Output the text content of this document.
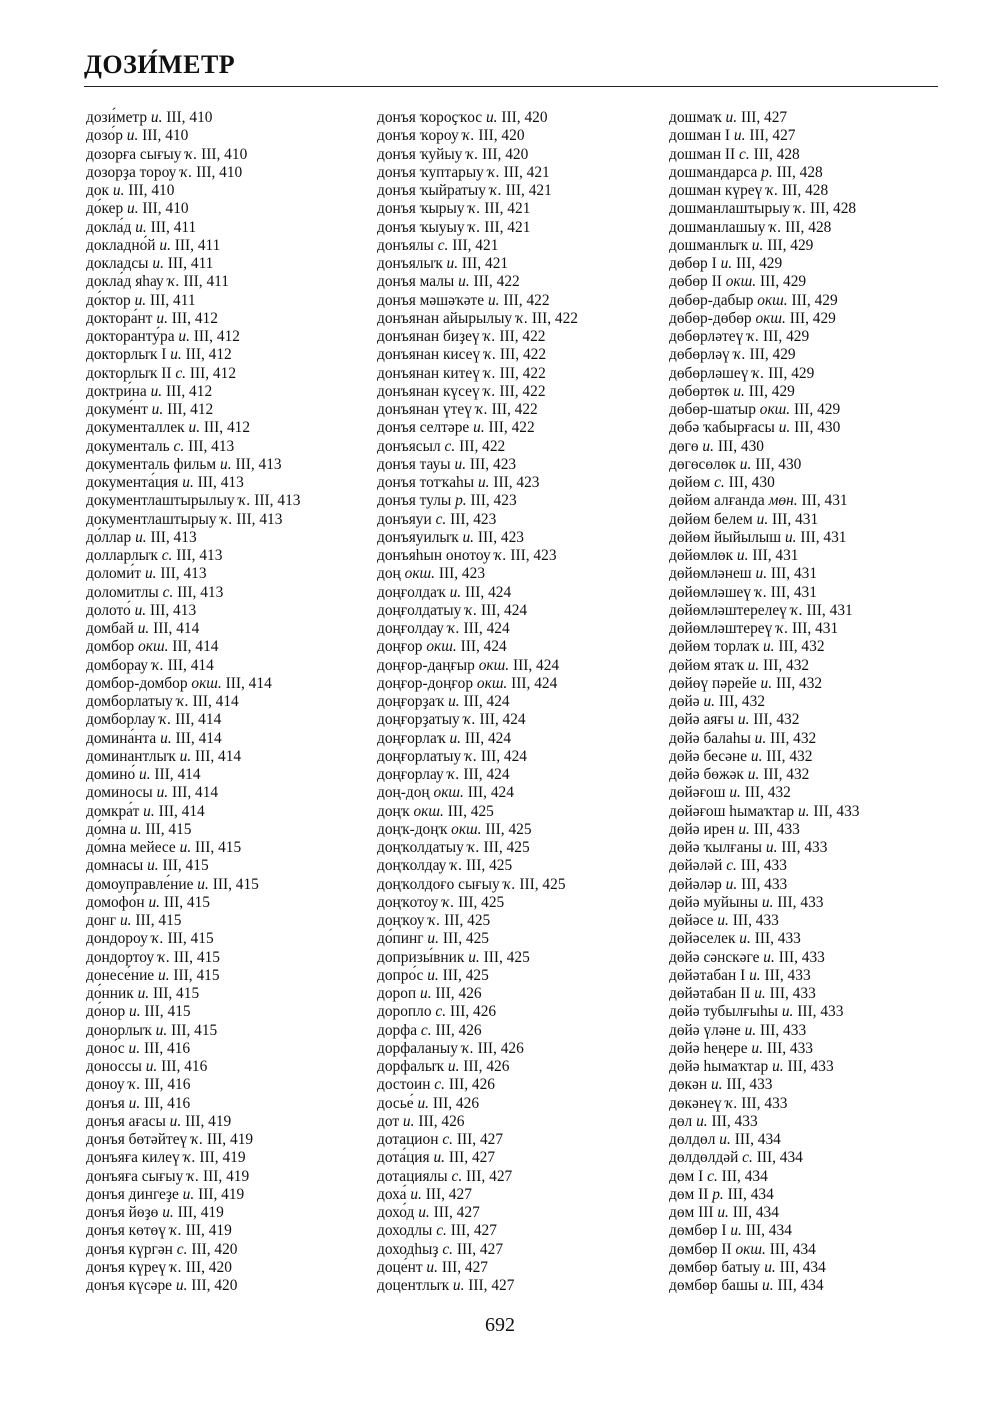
ДОЗИ́МЕТР
дози́метр и. III, 410
дозо́р и. III, 410
дозорға сығыу ҡ. III, 410
дозорҙа тороу ҡ. III, 410
док и. III, 410
до́кер и. III, 410
докла́д и. III, 411
докладно́й и. III, 411
докладсы и. III, 411
докла́д яһау ҡ. III, 411
до́ктор и. III, 411
доктора́нт и. III, 412
докторанту́ра и. III, 412
докторлыҡ I и. III, 412
докторлыҡ II с. III, 412
доктри́на и. III, 412
докуме́нт и. III, 412
документаллек и. III, 412
документаль с. III, 413
документаль фильм и. III, 413
документа́ция и. III, 413
документлаштырылыу ҡ. III, 413
документлаштырыу ҡ. III, 413
до́ллар и. III, 413
долларлыҡ с. III, 413
доломи́т и. III, 413
доломитлы с. III, 413
долото́ и. III, 413
домбай и. III, 414
домбор окш. III, 414
домборау ҡ. III, 414
домбор-домбор окш. III, 414
домборлатыу ҡ. III, 414
домборлау ҡ. III, 414
домина́нта и. III, 414
доминантлыҡ и. III, 414
домино́ и. III, 414
доминосы и. III, 414
домкра́т и. III, 414
до́мна и. III, 415
до́мна мейесе и. III, 415
домнасы и. III, 415
домоуправле́ние и. III, 415
домофо́н и. III, 415
донг и. III, 415
дондороу ҡ. III, 415
дондортоу ҡ. III, 415
донесе́ние и. III, 415
до́нник и. III, 415
до́нор и. III, 415
донорлыҡ и. III, 415
доно́с и. III, 416
доноссы и. III, 416
доноу ҡ. III, 416
донъя и. III, 416
донъя ағасы и. III, 419
донъя бөтәйтеү ҡ. III, 419
донъяға килеү ҡ. III, 419
донъяға сығыу ҡ. III, 419
донъя дингеҙе и. III, 419
донъя йөҙө и. III, 419
донъя көтөү ҡ. III, 419
донъя күргән с. III, 420
донъя күреү ҡ. III, 420
донъя күсәре и. III, 420
донъя ҡороҫҡос и. III, 420
донъя ҡороу ҡ. III, 420
донъя ҡуйыу ҡ. III, 420
донъя ҡуптарыу ҡ. III, 421
донъя ҡыйратыу ҡ. III, 421
донъя ҡырыу ҡ. III, 421
донъя ҡыуыу ҡ. III, 421
донъялы с. III, 421
донъялыҡ и. III, 421
донъя малы и. III, 422
донъя мәшәҡәте и. III, 422
донъянан айырылыу ҡ. III, 422
донъянан биҙеү ҡ. III, 422
донъянан кисеү ҡ. III, 422
донъянан китеү ҡ. III, 422
донъянан күсеү ҡ. III, 422
донъянан үтеү ҡ. III, 422
донъя селтәре и. III, 422
донъясыл с. III, 422
донъя тауы и. III, 423
донъя тотҡаһы и. III, 423
донъя тулы р. III, 423
донъяуи с. III, 423
донъяуилыҡ и. III, 423
донъяһын онотоу ҡ. III, 423
доң окш. III, 423
доңғолдаҡ и. III, 424
доңғолдатыу ҡ. III, 424
доңғолдау ҡ. III, 424
доңғор окш. III, 424
доңғор-даңғыр окш. III, 424
доңғор-доңғор окш. III, 424
доңғорҙаҡ и. III, 424
доңғорҙатыу ҡ. III, 424
доңғорлаҡ и. III, 424
доңғорлатыу ҡ. III, 424
доңғорлау ҡ. III, 424
доң-доң окш. III, 424
доңҡ окш. III, 425
доңҡ-доңҡ окш. III, 425
доңҡолдатыу ҡ. III, 425
доңҡолдау ҡ. III, 425
доңҡолдоғо сығыу ҡ. III, 425
доңҡотоу ҡ. III, 425
доңҡоу ҡ. III, 425
до́пинг и. III, 425
допризы́вник и. III, 425
допро́с и. III, 425
дороп и. III, 426
доропло с. III, 426
дорфа с. III, 426
дорфаланыу ҡ. III, 426
дорфалыҡ и. III, 426
достоин с. III, 426
досье́ и. III, 426
дот и. III, 426
дотацион с. III, 427
дота́ция и. III, 427
дотациялы с. III, 427
доха́ и. III, 427
дохо́д и. III, 427
доходлы с. III, 427
доходһыҙ с. III, 427
доце́нт и. III, 427
доцентлыҡ и. III, 427
дошмаҡ и. III, 427
дошман I и. III, 427
дошман II с. III, 428
дошмандарса р. III, 428
дошман күреү ҡ. III, 428
дошманлаштырыу ҡ. III, 428
дошманлашыу ҡ. III, 428
дошманлыҡ и. III, 429
дөбөр I и. III, 429
дөбөр II окш. III, 429
дөбөр-дабыр окш. III, 429
дөбөр-дөбөр окш. III, 429
дөбөрләтеү ҡ. III, 429
дөбөрләү ҡ. III, 429
дөбөрләшеү ҡ. III, 429
дөбөртөк и. III, 429
дөбөр-шатыр окш. III, 429
дөбә ҡабырғасы и. III, 430
дөгө и. III, 430
дөгөсөлөк и. III, 430
дөйөм с. III, 430
дөйөм алғанда мөн. III, 431
дөйөм белем и. III, 431
дөйөм йыйылыш и. III, 431
дөйөмлөк и. III, 431
дөйөмләнеш и. III, 431
дөйөмләшеү ҡ. III, 431
дөйөмләштерелеү ҡ. III, 431
дөйөмләштереү ҡ. III, 431
дөйөм торлаҡ и. III, 432
дөйөм ятаҡ и. III, 432
дөйөү пәрейе и. III, 432
дөйә и. III, 432
дөйә аяғы и. III, 432
дөйә балаһы и. III, 432
дөйә бесәне и. III, 432
дөйә бөжәк и. III, 432
дөйәғош и. III, 432
дөйәғош һымаҡтар и. III, 433
дөйә ирен и. III, 433
дөйә ҡылғаны и. III, 433
дөйәләй с. III, 433
дөйәләр и. III, 433
дөйә муйыны и. III, 433
дөйәсе и. III, 433
дөйәселек и. III, 433
дөйә сәнскәге и. III, 433
дөйәтабан I и. III, 433
дөйәтабан II и. III, 433
дөйә тубылғыһы и. III, 433
дөйә үләне и. III, 433
дөйә һеңере и. III, 433
дөйә һымаҡтар и. III, 433
дөкән и. III, 433
дөкәнеү ҡ. III, 433
дөл и. III, 433
дөлдөл и. III, 434
дөлдөлдәй с. III, 434
дөм I с. III, 434
дөм II р. III, 434
дөм III и. III, 434
дөмбөр I и. III, 434
дөмбөр II окш. III, 434
дөмбөр батыу и. III, 434
дөмбөр башы и. III, 434

692
